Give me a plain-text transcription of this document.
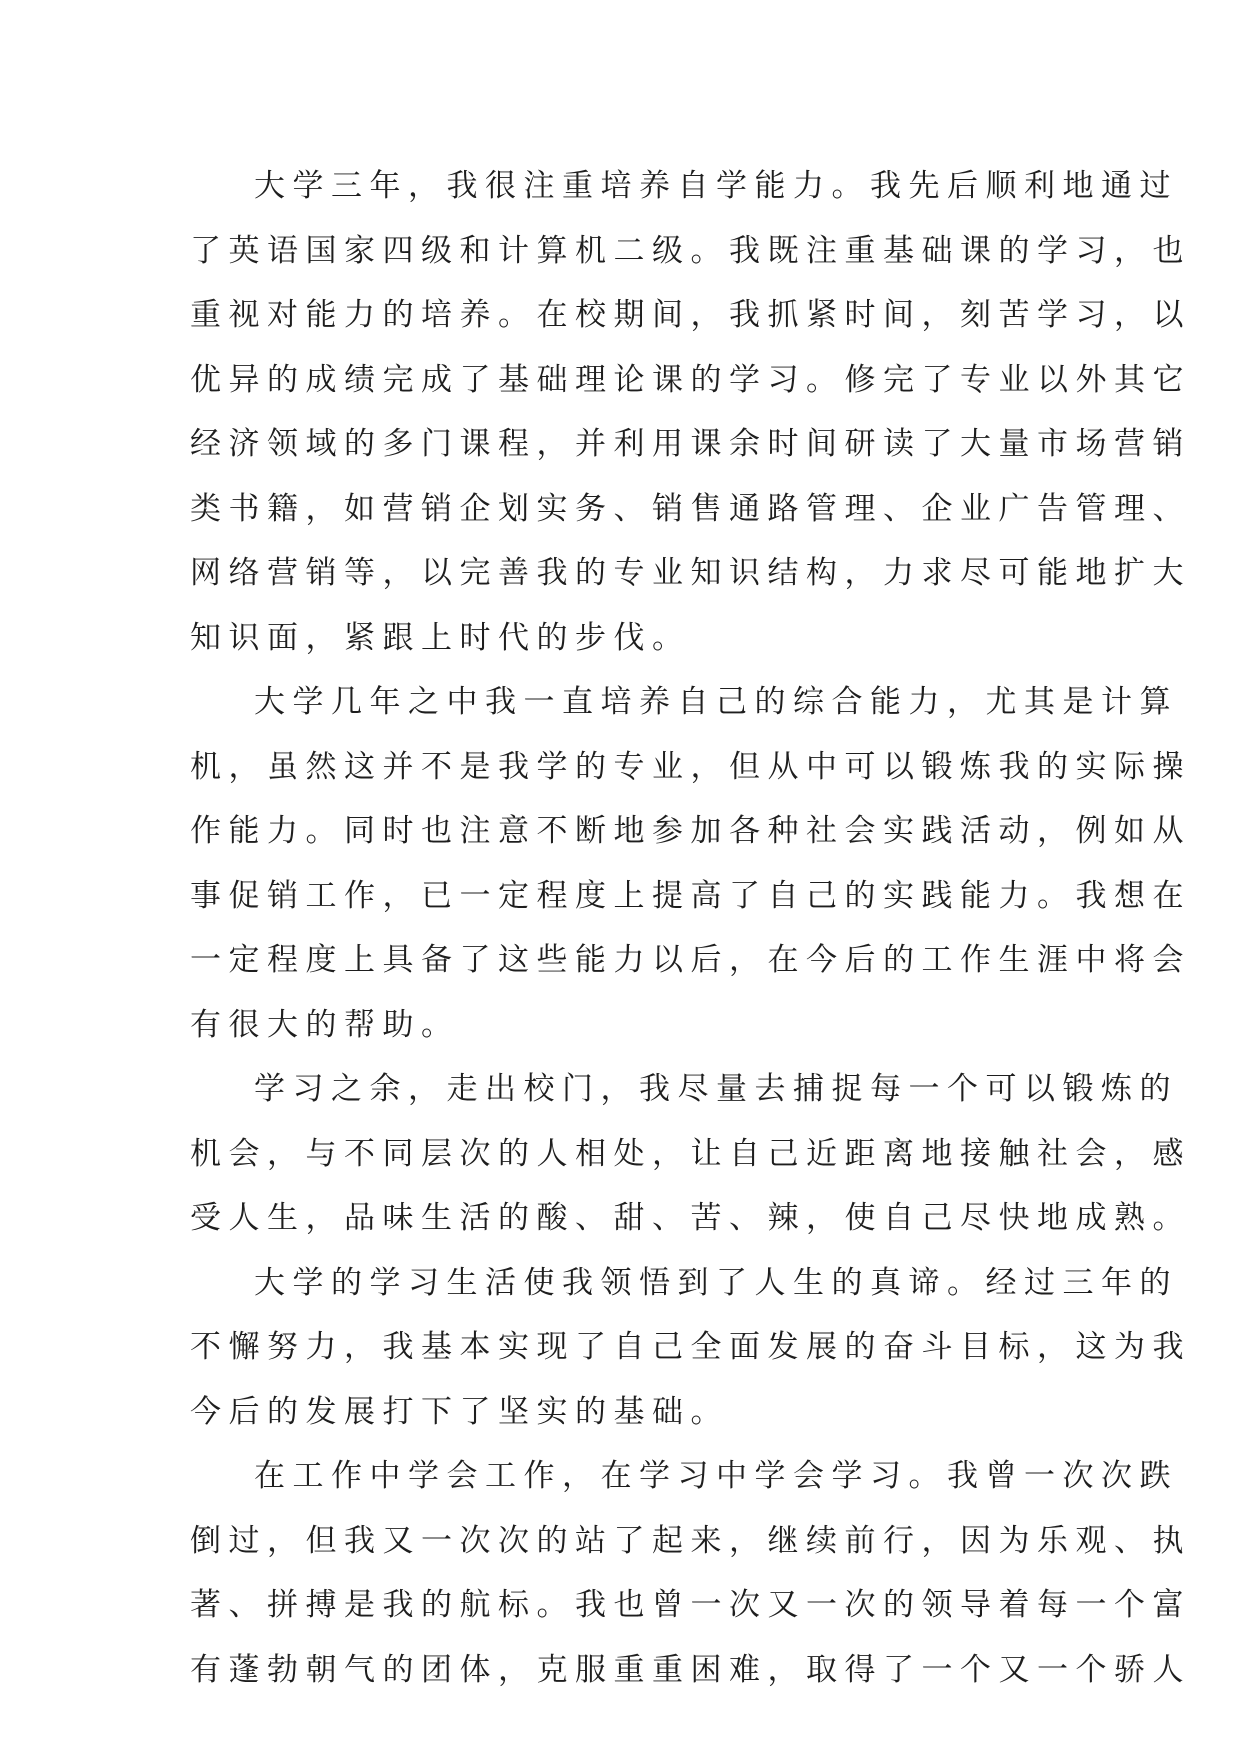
大学三年，我很注重培养自学能力。我先后顺利地通过
了英语国家四级和计算机二级。我既注重基础课的学习，也
重视对能力的培养。在校期间，我抓紧时间，刻苦学习，以
优异的成绩完成了基础理论课的学习。修完了专业以外其它
经济领域的多门课程，并利用课余时间研读了大量市场营销
类书籍，如营销企划实务、销售通路管理、企业广告管理、
网络营销等，以完善我的专业知识结构，力求尽可能地扩大
知识面，紧跟上时代的步伐。
大学几年之中我一直培养自己的综合能力，尤其是计算
机，虽然这并不是我学的专业，但从中可以锻炼我的实际操
作能力。同时也注意不断地参加各种社会实践活动，例如从
事促销工作，已一定程度上提高了自己的实践能力。我想在
一定程度上具备了这些能力以后，在今后的工作生涯中将会
有很大的帮助。
学习之余，走出校门，我尽量去捕捉每一个可以锻炼的
机会，与不同层次的人相处，让自己近距离地接触社会，感
受人生，品味生活的酸、甜、苦、辣，使自己尽快地成熟。
大学的学习生活使我领悟到了人生的真谛。经过三年的
不懈努力，我基本实现了自己全面发展的奋斗目标，这为我
今后的发展打下了坚实的基础。
在工作中学会工作，在学习中学会学习。我曾一次次跌
倒过，但我又一次次的站了起来，继续前行，因为乐观、执
著、拼搏是我的航标。我也曾一次又一次的领导着每一个富
有蓬勃朝气的团体，克服重重困难，取得了一个又一个骄人
